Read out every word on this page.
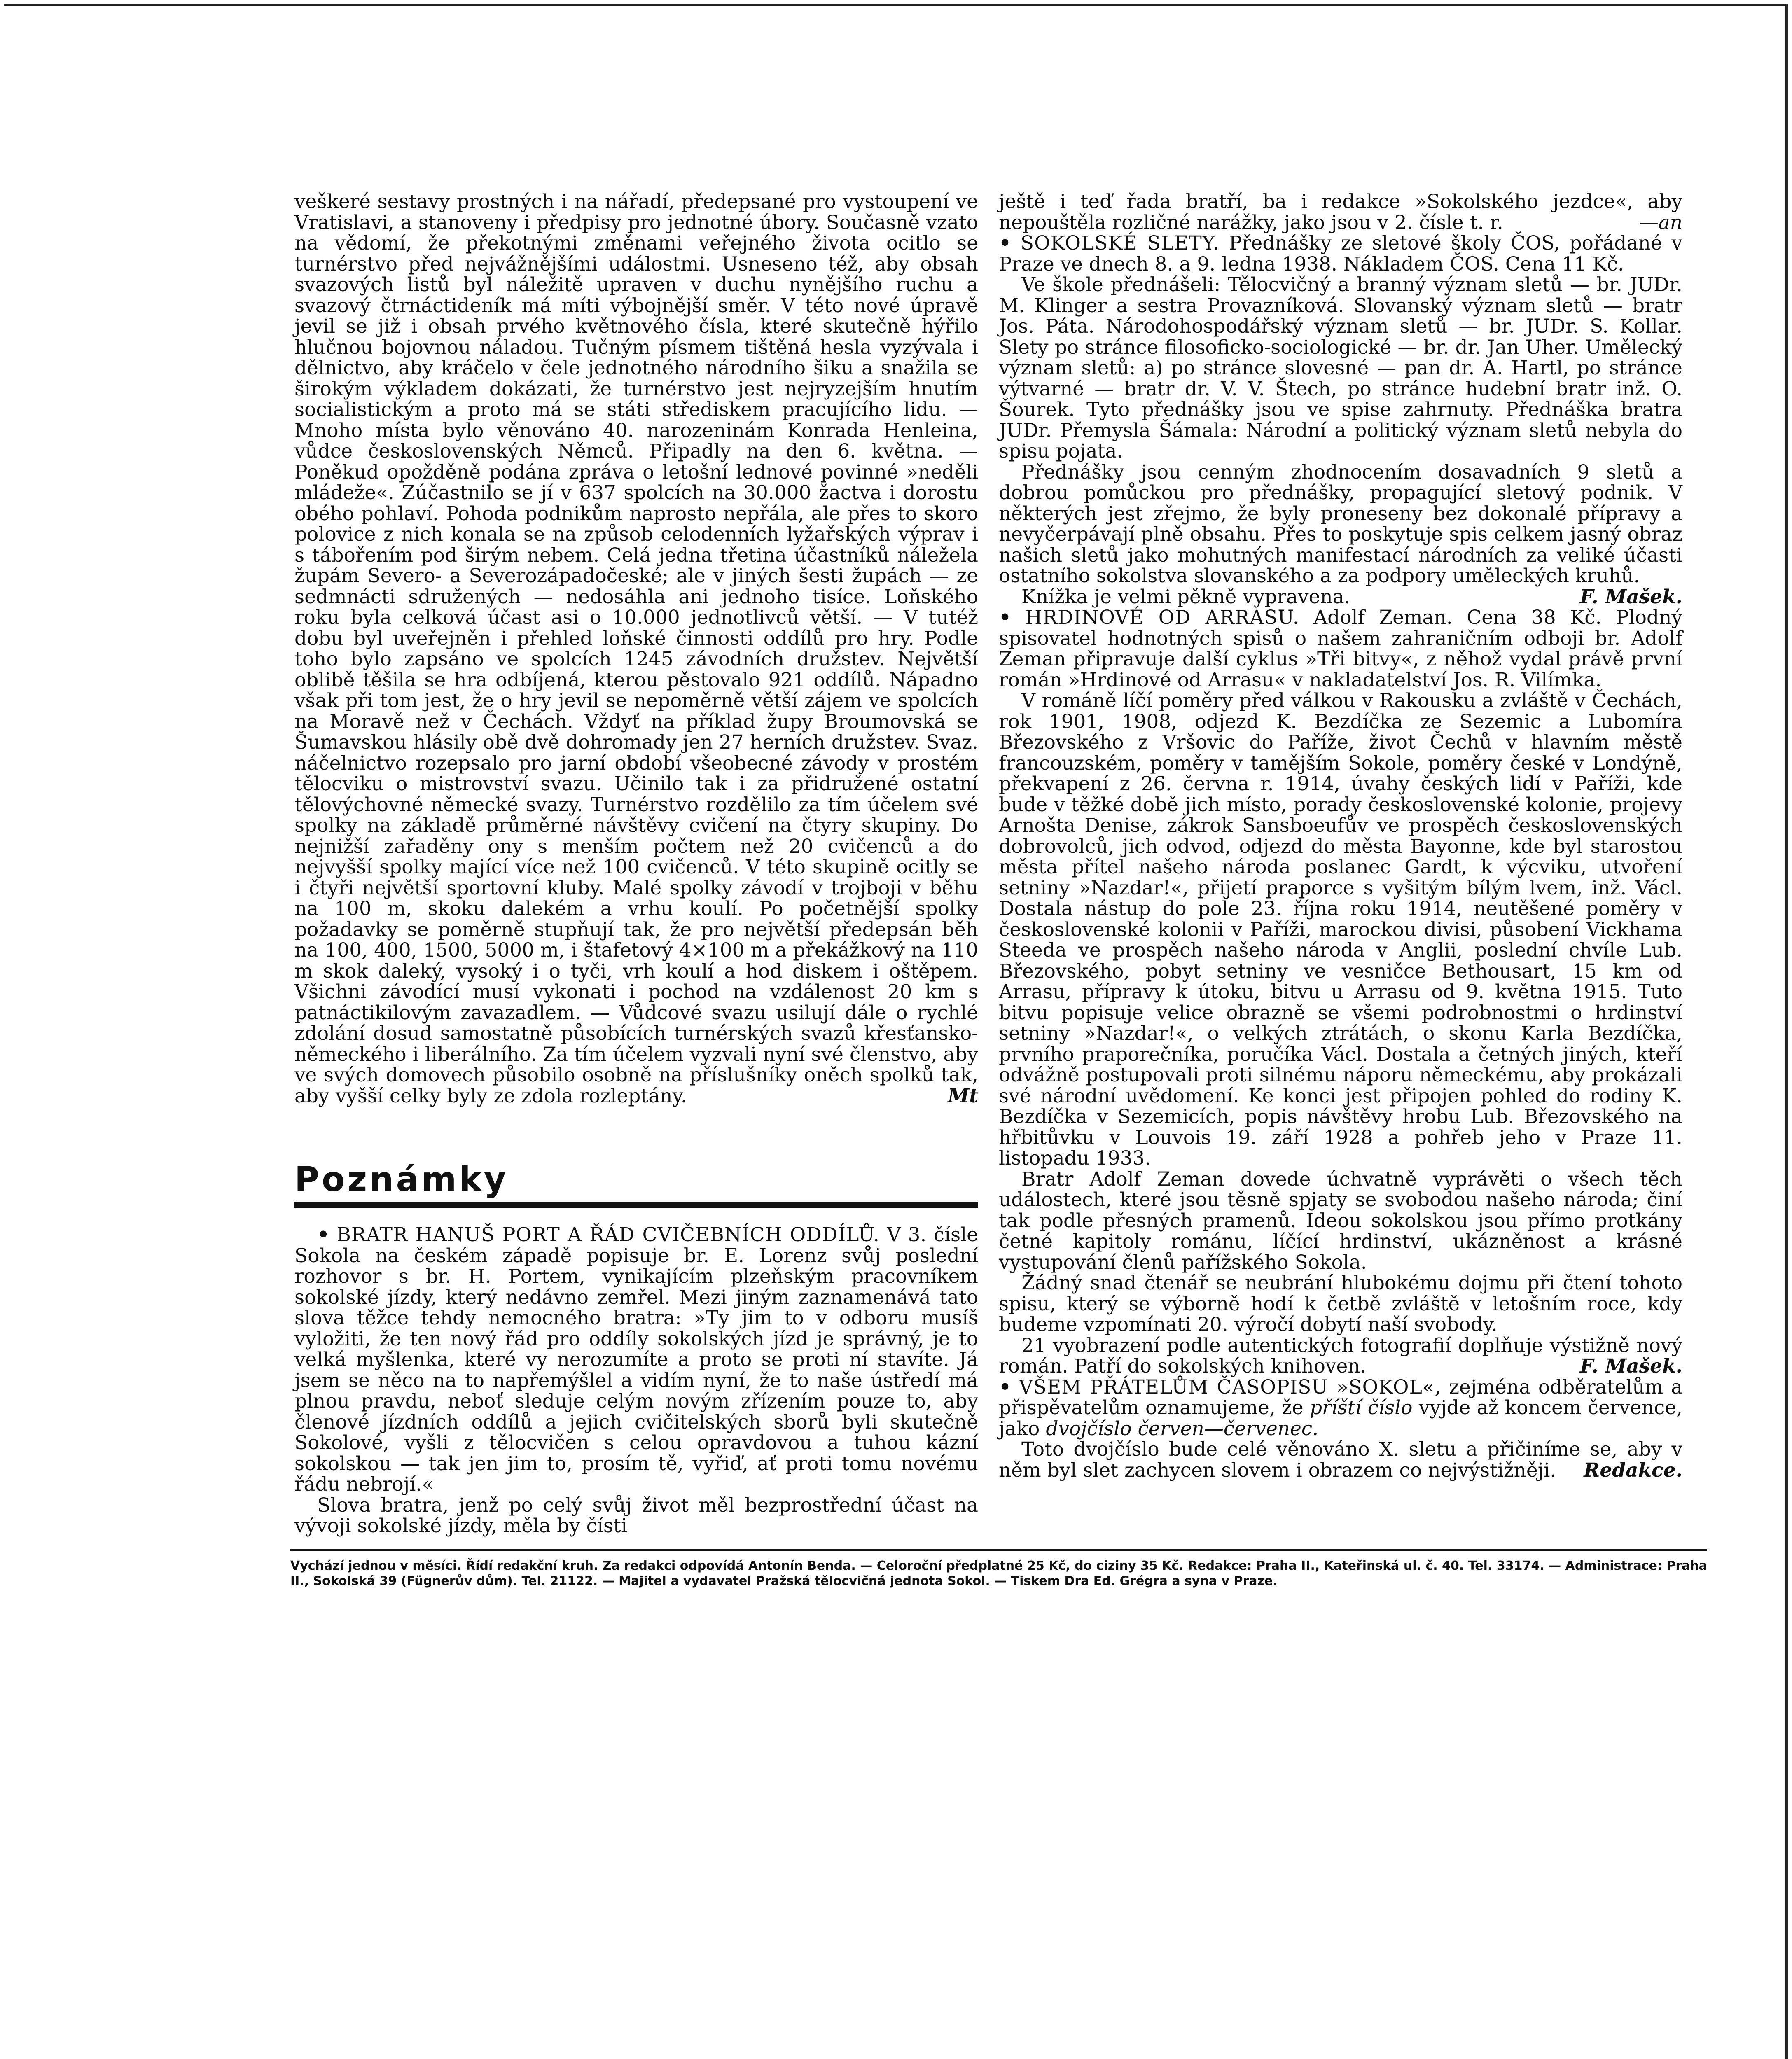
veškeré sestavy prostných i na nářadí, předepsané pro vystoupení ve Vratislavi, a stanoveny i předpisy pro jednotné úbory. Současně vzato na vědomí, že překotnými změnami veřejného života ocitlo se turnérstvo před nejvážnějšími událostmi. Usneseno též, aby obsah svazových listů byl náležitě upraven v duchu nynějšího ruchu a svazový čtrnáctideník má míti výbojnější směr. V této nové úpravě jevil se již i obsah prvého květnového čísla, které skutečně hýřilo hlučnou bojovnou náladou. Tučným písmem tištěná hesla vyzývala i dělnictvo, aby kráčelo v čele jednotného národního šiku a snažila se širokým výkladem dokázati, že turnérstvo jest nejryzejším hnutím socialistickým a proto má se státi střediskem pracujícího lidu. — Mnoho místa bylo věnováno 40. narozeninám Konrada Henleina, vůdce československých Němců. Připadly na den 6. května. — Poněkud opožděně podána zpráva o letošní lednové povinné »neděli mládeže«. Zúčastnilo se jí v 637 spolcích na 30.000 žactva i dorostu obého pohlaví. Pohoda podnikům naprosto nepřála, ale přes to skoro polovice z nich konala se na způsob celodenních lyžařských výprav i s tábořením pod širým nebem. Celá jedna třetina účastníků náležela župám Severo- a Severozápadočeské; ale v jiných šesti župách — ze sedmnácti sdružených — nedosáhla ani jednoho tisíce. Loňského roku byla celková účast asi o 10.000 jednotlivců větší. — V tutéž dobu byl uveřejněn i přehled loňské činnosti oddílů pro hry. Podle toho bylo zapsáno ve spolcích 1245 závodních družstev. Největší oblibě těšila se hra odbíjená, kterou pěstovalo 921 oddílů. Nápadno však při tom jest, že o hry jevil se nepoměrně větší zájem ve spolcích na Moravě než v Čechách. Vždyť na příklad župy Broumovská se Šumavskou hlásily obě dvě dohromady jen 27 herních družstev. Svaz. náčelnictvo rozepsalo pro jarní období všeobecné závody v prostém tělocviku o mistrovství svazu. Učinilo tak i za přidružené ostatní tělovýchovné německé svazy. Turnérstvo rozdělilo za tím účelem své spolky na základě průměrné návštěvy cvičení na čtyry skupiny. Do nejnižší zařaděny ony s menším počtem než 20 cvičenců a do nejvyšší spolky mající více než 100 cvičenců. V této skupině ocitly se i čtyři největší sportovní kluby. Malé spolky závodí v trojboji v běhu na 100 m, skoku dalekém a vrhu koulí. Po početnější spolky požadavky se poměrně stupňují tak, že pro největší předepsán běh na 100, 400, 1500, 5000 m, i štafetový 4×100 m a překážkový na 110 m skok daleký, vysoký i o tyči, vrh koulí a hod diskem i oštěpem. Všichni závodící musí vykonati i pochod na vzdálenost 20 km s patnáctikilovým zavazadlem. — Vůdcové svazu usilují dále o rychlé zdolání dosud samostatně působících turnérských svazů křesťansko-německého i liberálního. Za tím účelem vyzvali nyní své členstvo, aby ve svých domovech působilo osobně na příslušníky oněch spolků tak, aby vyšší celky byly ze zdola rozleptány.	Mt

Poznámky

• BRATR HANUŠ PORT A ŘÁD CVIČEBNÍCH ODDÍLŮ. V 3. čísle Sokola na českém západě popisuje br. E. Lorenz svůj poslední rozhovor s br. H. Portem, vynikajícím plzeňským pracovníkem sokolské jízdy, který nedávno zemřel. Mezi jiným zaznamenává tato slova těžce tehdy nemocného bratra: »Ty jim to v odboru musíš vyložiti, že ten nový řád pro oddíly sokolských jízd je správný, je to velká myšlenka, které vy nerozumíte a proto se proti ní stavíte. Já jsem se něco na to napřemýšlel a vidím nyní, že to naše ústředí má plnou pravdu, neboť sleduje celým novým zřízením pouze to, aby členové jízdních oddílů a jejich cvičitelských sborů byli skutečně Sokolové, vyšli z tělocvičen s celou opravdovou a tuhou kázní sokolskou — tak jen jim to, prosím tě, vyřiď, ať proti tomu novému řádu nebrojí.«

Slova bratra, jenž po celý svůj život měl bezprostřední účast na vývoji sokolské jízdy, měla by čísti

ještě i teď řada bratří, ba i redakce »Sokolského jezdce«, aby nepouštěla rozličné narážky, jako jsou v 2. čísle t. r.	—an

• SOKOLSKÉ SLETY. Přednášky ze sletové školy ČOS, pořádané v Praze ve dnech 8. a 9. ledna 1938. Nákladem ČOS. Cena 11 Kč.

Ve škole přednášeli: Tělocvičný a branný význam sletů — br. JUDr. M. Klinger a sestra Provazníková. Slovanský význam sletů — bratr Jos. Páta. Národohospodářský význam sletů — br. JUDr. S. Kollar. Slety po stránce filosoficko-sociologické — br. dr. Jan Uher. Umělecký význam sletů: a) po stránce slovesné — pan dr. A. Hartl, po stránce výtvarné — bratr dr. V. V. Štech, po stránce hudební bratr inž. O. Šourek. Tyto přednášky jsou ve spise zahrnuty. Přednáška bratra JUDr. Přemysla Šámala: Národní a politický význam sletů nebyla do spisu pojata.

Přednášky jsou cenným zhodnocením dosavadních 9 sletů a dobrou pomůckou pro přednášky, propagující sletový podnik. V některých jest zřejmo, že byly proneseny bez dokonalé přípravy a nevyčerpávají plně obsahu. Přes to poskytuje spis celkem jasný obraz našich sletů jako mohutných manifestací národních za veliké účasti ostatního sokolstva slovanského a za podpory uměleckých kruhů.

Knížka je velmi pěkně vypravena.	F. Mašek.

• HRDINOVÉ OD ARRASU. Adolf Zeman. Cena 38 Kč. Plodný spisovatel hodnotných spisů o našem zahraničním odboji br. Adolf Zeman připravuje další cyklus »Tři bitvy«, z něhož vydal právě první román »Hrdinové od Arrasu« v nakladatelství Jos. R. Vilímka.

V románě líčí poměry před válkou v Rakousku a zvláště v Čechách, rok 1901, 1908, odjezd K. Bezdíčka ze Sezemic a Lubomíra Březovského z Vršovic do Paříže, život Čechů v hlavním městě francouzském, poměry v tamějším Sokole, poměry české v Londýně, překvapení z 26. června r. 1914, úvahy českých lidí v Paříži, kde bude v těžké době jich místo, porady československé kolonie, projevy Arnošta Denise, zákrok Sansboeufův ve prospěch československých dobrovolců, jich odvod, odjezd do města Bayonne, kde byl starostou města přítel našeho národa poslanec Gardt, k výcviku, utvoření setniny »Nazdar!«, přijetí praporce s vyšitým bílým lvem, inž. Václ. Dostala nástup do pole 23. října roku 1914, neutěšené poměry v československé kolonii v Paříži, marockou divisi, působení Vickhama Steeda ve prospěch našeho národa v Anglii, poslední chvíle Lub. Březovského, pobyt setniny ve vesničce Bethousart, 15 km od Arrasu, přípravy k útoku, bitvu u Arrasu od 9. května 1915. Tuto bitvu popisuje velice obrazně se všemi podrobnostmi o hrdinství setniny »Nazdar!«, o velkých ztrátách, o skonu Karla Bezdíčka, prvního praporečníka, poručíka Václ. Dostala a četných jiných, kteří odvážně postupovali proti silnému náporu německému, aby prokázali své národní uvědomení. Ke konci jest připojen pohled do rodiny K. Bezdíčka v Sezemicích, popis návštěvy hrobu Lub. Březovského na hřbitůvku v Louvois 19. září 1928 a pohřeb jeho v Praze 11. listopadu 1933.

Bratr Adolf Zeman dovede úchvatně vyprávěti o všech těch událostech, které jsou těsně spjaty se svobodou našeho národa; činí tak podle přesných pramenů. Ideou sokolskou jsou přímo protkány četné kapitoly románu, líčící hrdinství, ukázněnost a krásné vystupování členů pařížského Sokola.

Žádný snad čtenář se neubrání hlubokému dojmu při čtení tohoto spisu, který se výborně hodí k četbě zvláště v letošním roce, kdy budeme vzpomínati 20. výročí dobytí naší svobody.

21 vyobrazení podle autentických fotografií doplňuje výstižně nový román. Patří do sokolských knihoven.	F. Mašek.

• VŠEM PŘÁTELŮM ČASOPISU »SOKOL«, zejména odběratelům a přispěvatelům oznamujeme, že příští číslo vyjde až koncem července, jako dvojčíslo červen—červenec.

Toto dvojčíslo bude celé věnováno X. sletu a přičiníme se, aby v něm byl slet zachycen slovem i obrazem co nejvýstižněji.	Redakce.

Vychází jednou v měsíci. Řídí redakční kruh. Za redakci odpovídá Antonín Benda. — Celoroční předplatné 25 Kč, do ciziny 35 Kč. Redakce: Praha II., Kateřinská ul. č. 40. Tel. 33174. — Administrace: Praha II., Sokolská 39 (Fügnerův dům). Tel. 21122. — Majitel a vydavatel Pražská tělocvičná jednota Sokol. — Tiskem Dra Ed. Grégra a syna v Praze.
